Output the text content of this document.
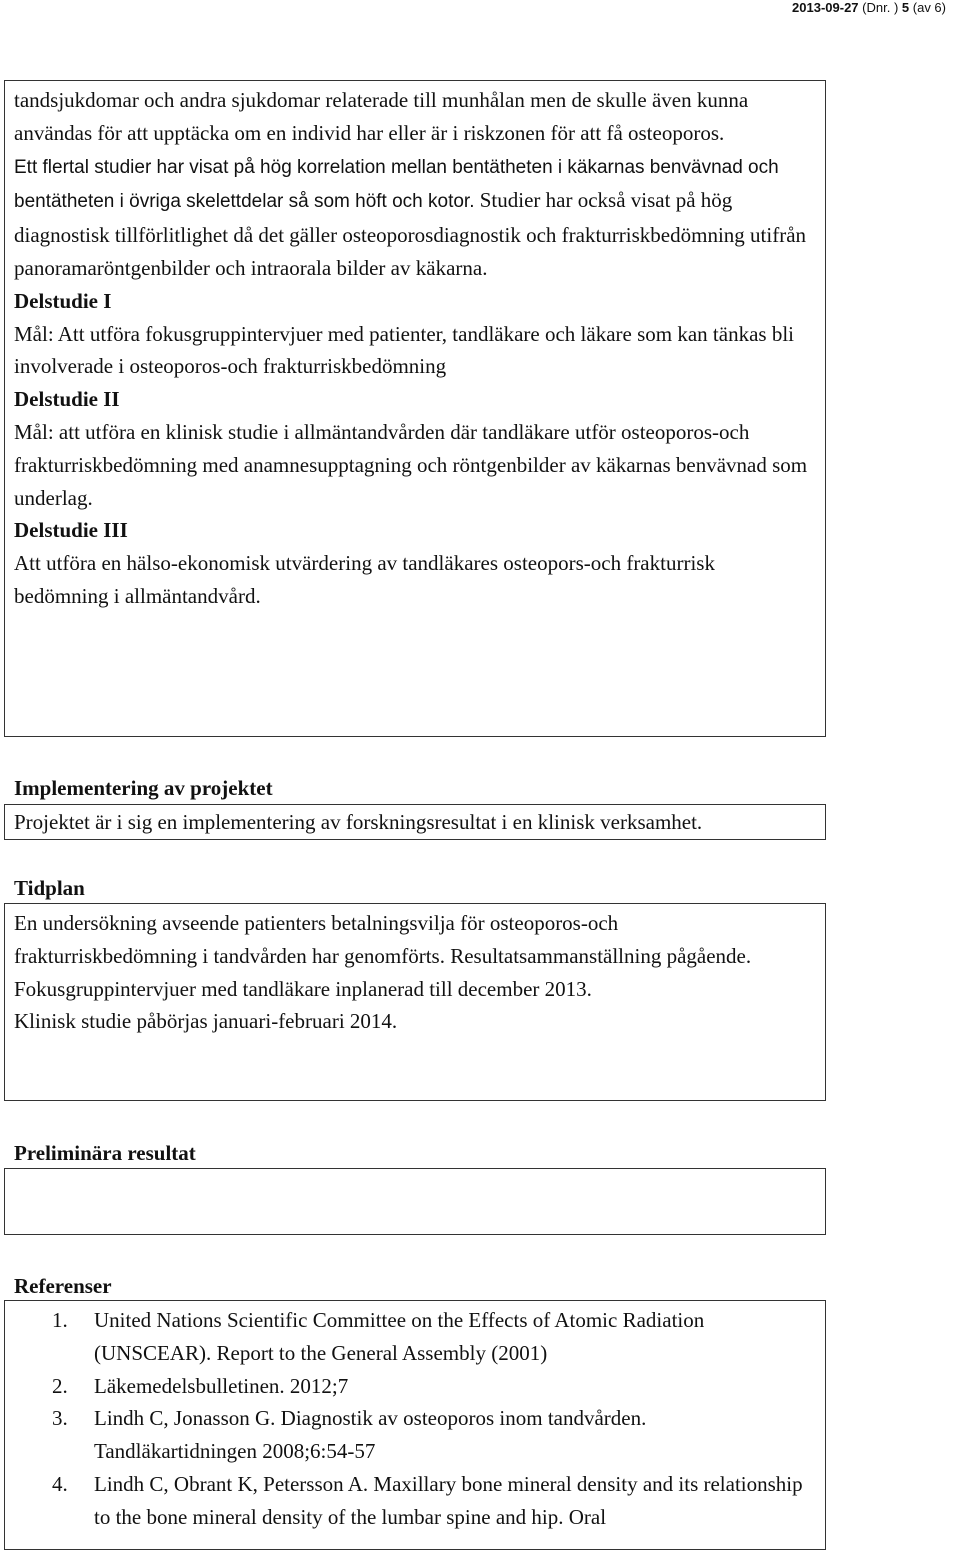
2013-09-27 (Dnr. ) 5 (av 6)

tandsjukdomar och andra sjukdomar relaterade till munhålan men de skulle även kunna användas för att upptäcka om en individ har eller är i riskzonen för att få osteoporos.

Ett flertal studier har visat på hög korrelation mellan bentätheten i käkarnas benvävnad och bentätheten i övriga skelettdelar så som höft och kotor. Studier har också visat på hög diagnostisk tillförlitlighet då det gäller osteoporosdiagnostik och frakturriskbedömning utifrån panoramaröntgenbilder och intraorala bilder av käkarna.

Delstudie I

Mål: Att utföra fokusgruppintervjuer med patienter, tandläkare och läkare som kan tänkas bli involverade i osteoporos-och frakturriskbedömning

Delstudie II

Mål: att utföra en klinisk studie i allmäntandvården där tandläkare utför osteoporos-och frakturriskbedömning med anamnesupptagning och röntgenbilder av käkarnas benvävnad som underlag.

Delstudie III

Att utföra en hälso-ekonomisk utvärdering av tandläkares osteopors-och frakturrisk bedömning i allmäntandvård.

Implementering av projektet
Projektet är i sig en implementering av forskningsresultat i en klinisk verksamhet.
Tidplan

En undersökning avseende patienters betalningsvilja för osteoporos-och frakturriskbedömning i tandvården har genomförts. Resultatsammanställning pågående.

Fokusgruppintervjuer med tandläkare inplanerad till december 2013.

Klinisk studie påbörjas januari-februari 2014.

Preliminära resultat
Referenser
1. United Nations Scientific Committee on the Effects of Atomic Radiation (UNSCEAR). Report to the General Assembly (2001)
2. Läkemedelsbulletinen. 2012;7
3. Lindh C, Jonasson G. Diagnostik av osteoporos inom tandvården. Tandläkartidningen 2008;6:54-57
4. Lindh C, Obrant K, Petersson A. Maxillary bone mineral density and its relationship to the bone mineral density of the lumbar spine and hip. Oral
